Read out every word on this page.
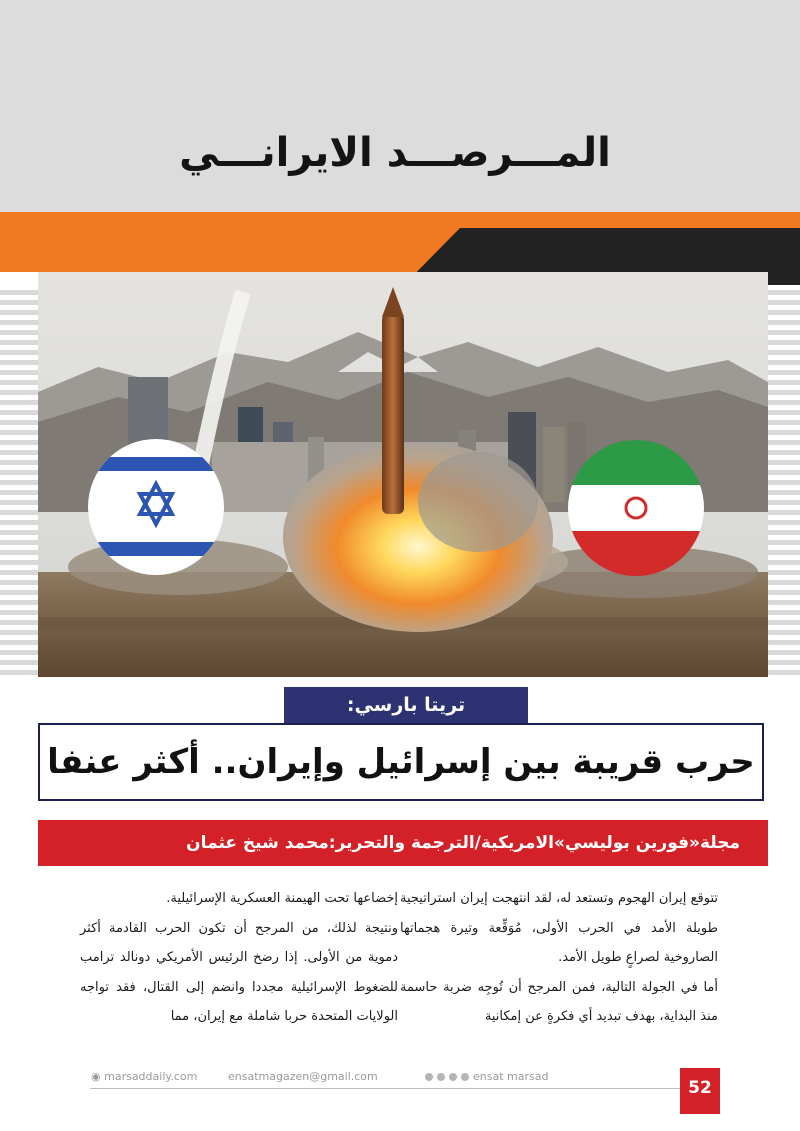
المـــرصـــد الايرانـــي
تريتا بارسي:
حرب قريبة بين إسرائيل وإيران.. أكثر عنفا
مجلة«فورين بوليسي»الامريكية/الترجمة والتحرير:محمد شيخ عثمان

تتوقع إيران الهجوم وتستعد له، لقد انتهجت إيران استراتيجية طويلة الأمد في الحرب الأولى، مُوَقِّعة وتيرة هجماتها الصاروخية لصراعٍ طويل الأمد.

أما في الجولة التالية، فمن المرجح أن تُوجِه ضربة حاسمة منذ البداية، بهدف تبديد أي فكرةٍ عن إمكانية

إخضاعها تحت الهيمنة العسكرية الإسرائيلية.

ونتيجة لذلك، من المرجح أن تكون الحرب القادمة أكثر دموية من الأولى. إذا رضخ الرئيس الأمريكي دونالد ترامب للضغوط الإسرائيلية مجددا وانضم إلى القتال، فقد تواجه الولايات المتحدة حربا شاملة مع إيران، مما

◉ marsaddaily.com	ensatmagazen@gmail.com	ensat marsad
52
